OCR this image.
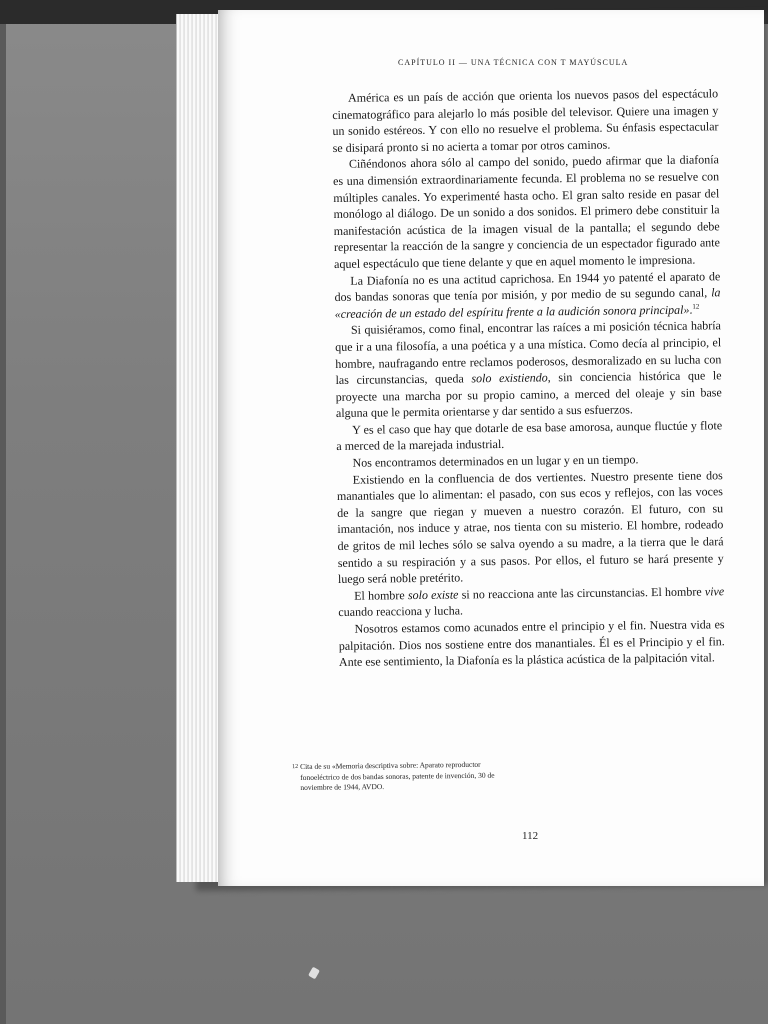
CAPÍTULO II — UNA TÉCNICA CON T MAYÚSCULA

América es un país de acción que orienta los nuevos pasos del espectáculo cinematográfico para alejarlo lo más posible del televisor. Quiere una imagen y un sonido estéreos. Y con ello no resuelve el problema. Su énfasis espectacular se disipará pronto si no acierta a tomar por otros caminos.

Ciñéndonos ahora sólo al campo del sonido, puedo afirmar que la diafonía es una dimensión extraordinariamente fecunda. El problema no se resuelve con múltiples canales. Yo experimenté hasta ocho. El gran salto reside en pasar del monólogo al diálogo. De un sonido a dos sonidos. El primero debe constituir la manifestación acústica de la imagen visual de la pantalla; el segundo debe representar la reacción de la sangre y conciencia de un espectador figurado ante aquel espectáculo que tiene delante y que en aquel momento le impresiona.

La Diafonía no es una actitud caprichosa. En 1944 yo patenté el aparato de dos bandas sonoras que tenía por misión, y por medio de su segundo canal, la «creación de un estado del espíritu frente a la audición sonora principal».$^{12}$

Si quisiéramos, como final, encontrar las raíces a mi posición técnica habría que ir a una filosofía, a una poética y a una mística. Como decía al principio, el hombre, naufragando entre reclamos poderosos, desmoralizado en su lucha con las circunstancias, queda solo existiendo, sin conciencia histórica que le proyecte una marcha por su propio camino, a merced del oleaje y sin base alguna que le permita orientarse y dar sentido a sus esfuerzos.

Y es el caso que hay que dotarle de esa base amorosa, aunque fluctúe y flote a merced de la marejada industrial.

Nos encontramos determinados en un lugar y en un tiempo.

Existiendo en la confluencia de dos vertientes. Nuestro presente tiene dos manantiales que lo alimentan: el pasado, con sus ecos y reflejos, con las voces de la sangre que riegan y mueven a nuestro corazón. El futuro, con su imantación, nos induce y atrae, nos tienta con su misterio. El hombre, rodeado de gritos de mil leches sólo se salva oyendo a su madre, a la tierra que le dará sentido a su respiración y a sus pasos. Por ellos, el futuro se hará presente y luego será noble pretérito.

El hombre solo existe si no reacciona ante las circunstancias. El hombre vive cuando reacciona y lucha.

Nosotros estamos como acunados entre el principio y el fin. Nuestra vida es palpitación. Dios nos sostiene entre dos manantiales. Él es el Principio y el fin. Ante ese sentimiento, la Diafonía es la plástica acústica de la palpitación vital.

12 Cita de su «Memoria descriptiva sobre: Aparato reproductor fonoeléctrico de dos bandas sonoras, patente de invención, 30 de noviembre de 1944, AVDO.
112
